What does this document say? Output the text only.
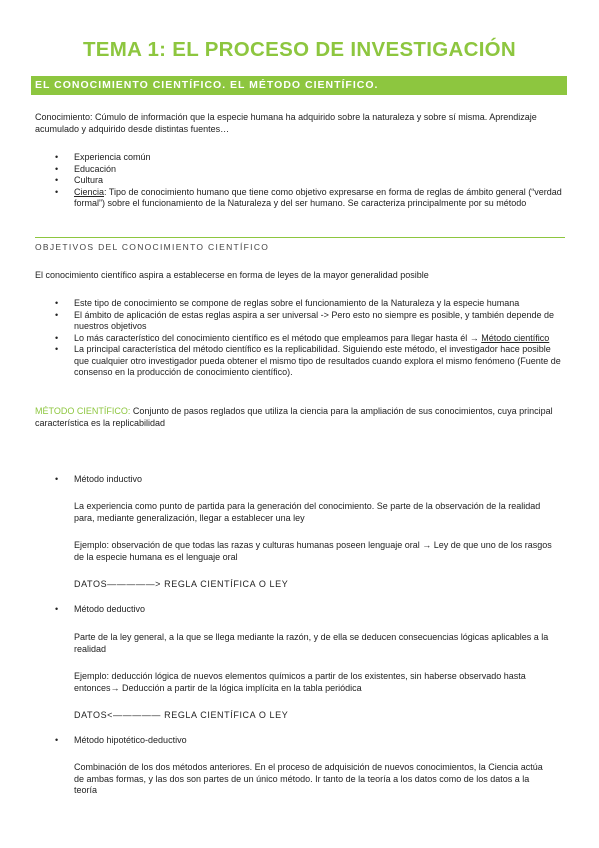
TEMA 1: EL PROCESO DE INVESTIGACIÓN
EL CONOCIMIENTO CIENTÍFICO. EL MÉTODO CIENTÍFICO.
Conocimiento: Cúmulo de información que la especie humana ha adquirido sobre la naturaleza y sobre sí misma. Aprendizaje acumulado y adquirido desde distintas fuentes…
• Experiencia común
• Educación
• Cultura
• Ciencia: Tipo de conocimiento humano que tiene como objetivo expresarse en forma de reglas de ámbito general (“verdad formal”) sobre el funcionamiento de la Naturaleza y del ser humano. Se caracteriza principalmente por su método
OBJETIVOS DEL CONOCIMIENTO CIENTÍFICO
El conocimiento científico aspira a establecerse en forma de leyes de la mayor generalidad posible
• Este tipo de conocimiento se compone de reglas sobre el funcionamiento de la Naturaleza y la especie humana
• El ámbito de aplicación de estas reglas aspira a ser universal -> Pero esto no siempre es posible, y también depende de nuestros objetivos
• Lo más característico del conocimiento científico es el método que empleamos para llegar hasta él → Método científico
• La principal característica del método científico es la replicabilidad. Siguiendo este método, el investigador hace posible que cualquier otro investigador pueda obtener el mismo tipo de resultados cuando explora el mismo fenómeno (Fuente de consenso en la producción de conocimiento científico).
MÉTODO CIENTÍFICO: Conjunto de pasos reglados que utiliza la ciencia para la ampliación de sus conocimientos, cuya principal característica es la replicabilidad
• Método inductivo
La experiencia como punto de partida para la generación del conocimiento. Se parte de la observación de la realidad para, mediante generalización, llegar a establecer una ley
Ejemplo: observación de que todas las razas y culturas humanas poseen lenguaje oral → Ley de que uno de los rasgos de la especie humana es el lenguaje oral
DATOS―――――> REGLA CIENTÍFICA O LEY
• Método deductivo
Parte de la ley general, a la que se llega mediante la razón, y de ella se deducen consecuencias lógicas aplicables a la realidad
Ejemplo: deducción lógica de nuevos elementos químicos a partir de los existentes, sin haberse observado hasta entonces→ Deducción a partir de la lógica implícita en la tabla periódica
DATOS<――――― REGLA CIENTÍFICA O LEY
• Método hipotético-deductivo
Combinación de los dos métodos anteriores. En el proceso de adquisición de nuevos conocimientos, la Ciencia actúa de ambas formas, y las dos son partes de un único método. Ir tanto de la teoría a los datos como de los datos a la teoría
